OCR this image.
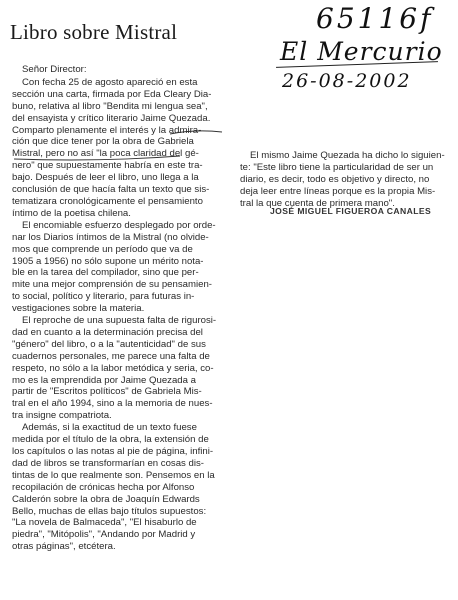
Libro sobre Mistral	65116f
El Mercurio
26-08-2002
Señor Director:

Con fecha 25 de agosto apareció en esta
sección una carta, firmada por Eda Cleary Dia-
buno, relativa al libro "Bendita mi lengua sea",
del ensayista y crítico literario Jaime Quezada.
Comparto plenamente el interés y la admira-
ción que dice tener por la obra de Gabriela
Mistral, pero no así "la poca claridad del gé-
nero" que supuestamente habría en este tra-
bajo. Después de leer el libro, uno llega a la
conclusión de que hacía falta un texto que sis-
tematizara cronológicamente el pensamiento
íntimo de la poetisa chilena.

El encomiable esfuerzo desplegado por orde-
nar los Diarios íntimos de la Mistral (no olvide-
mos que comprende un período que va de
1905 a 1956) no sólo supone un mérito nota-
ble en la tarea del compilador, sino que per-
mite una mejor comprensión de su pensamien-
to social, político y literario, para futuras in-
vestigaciones sobre la materia.

El reproche de una supuesta falta de rigurosi-
dad en cuanto a la determinación precisa del
"género" del libro, o a la "autenticidad" de sus
cuadernos personales, me parece una falta de
respeto, no sólo a la labor metódica y seria, co-
mo es la emprendida por Jaime Quezada a
partir de "Escritos políticos" de Gabriela Mis-
tral en el año 1994, sino a la memoria de nues-
tra insigne compatriota.

Además, si la exactitud de un texto fuese
medida por el título de la obra, la extensión de
los capítulos o las notas al pie de página, infini-
dad de libros se transformarían en cosas dis-
tintas de lo que realmente son. Pensemos en la
recopilación de crónicas hecha por Alfonso
Calderón sobre la obra de Joaquín Edwards
Bello, muchas de ellas bajo títulos supuestos:
"La novela de Balmaceda", "El hisaburlo de
piedra", "Mitópolis", "Andando por Madrid y
otras páginas", etcétera.

El mismo Jaime Quezada ha dicho lo siguien-
te: "Este libro tiene la particularidad de ser un
diario, es decir, todo es objetivo y directo, no
deja leer entre líneas porque es la propia Mis-
tral la que cuenta de primera mano".

JOSÉ MIGUEL FIGUEROA CANALES
